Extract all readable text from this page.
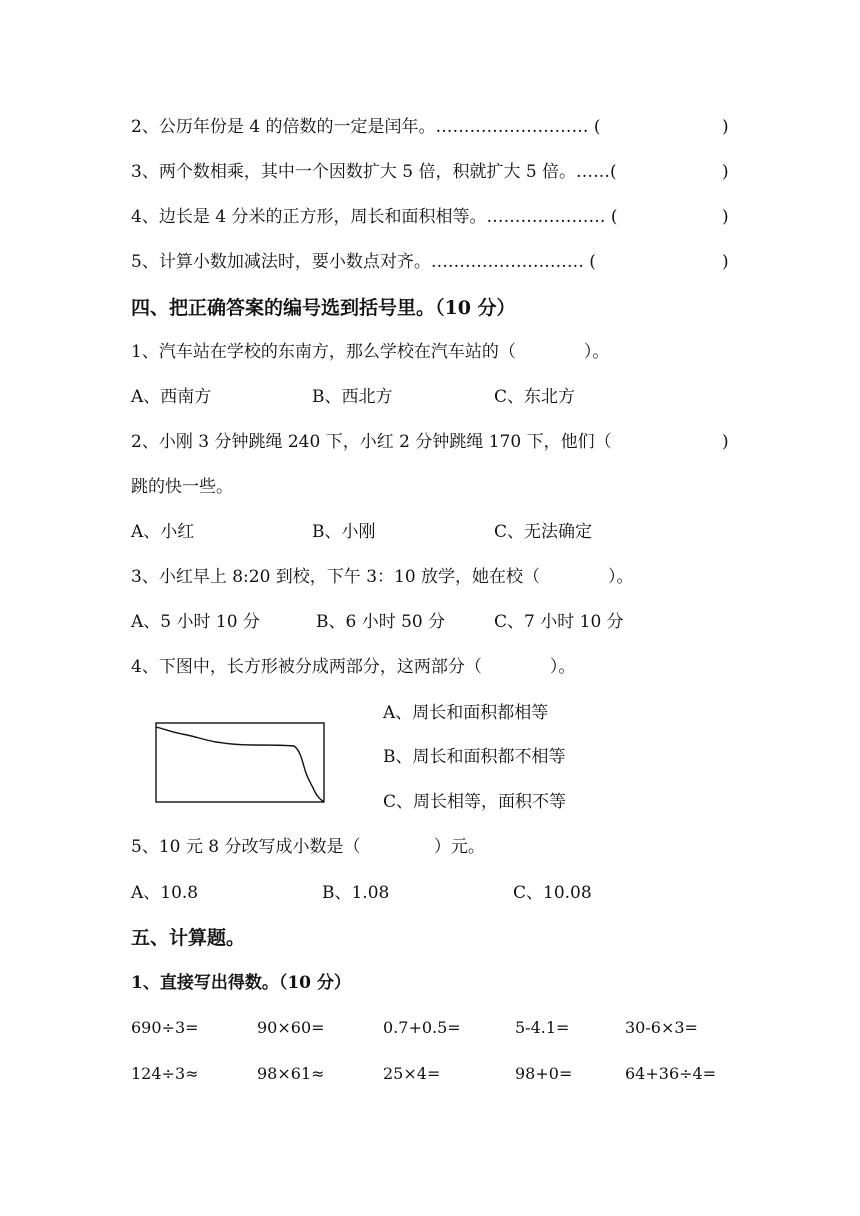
2、公历年份是 4 的倍数的一定是闰年。……………………… (	)
3、两个数相乘，其中一个因数扩大 5 倍，积就扩大 5 倍。……(	)
4、边长是 4 分米的正方形，周长和面积相等。………………… (	)
5、计算小数加减法时，要小数点对齐。……………………… (	)
四、把正确答案的编号选到括号里。（10 分）
1、汽车站在学校的东南方，那么学校在汽车站的（　　　　）。
A、西南方	B、西北方	C、东北方
2、小刚 3 分钟跳绳 240 下，小红 2 分钟跳绳 170 下，他们（	)
跳的快一些。
A、小红	B、小刚	C、无法确定
3、小红早上 8:20 到校，下午 3：10 放学，她在校（　　　　）。
A、5 小时 10 分	B、6 小时 50 分	C、7 小时 10 分
4、下图中，长方形被分成两部分，这两部分（　　　　）。
A、周长和面积都相等
B、周长和面积都不相等
C、周长相等，面积不等
5、10 元 8 分改写成小数是（　　　　 ）元。
A、10.8	B、1.08	C、10.08
五、计算题。
1、直接写出得数。（10 分）
690÷3=	90×60=	0.7+0.5=	5-4.1=	30-6×3=
124÷3≈	98×61≈	25×4=	98+0=	64+36÷4=
